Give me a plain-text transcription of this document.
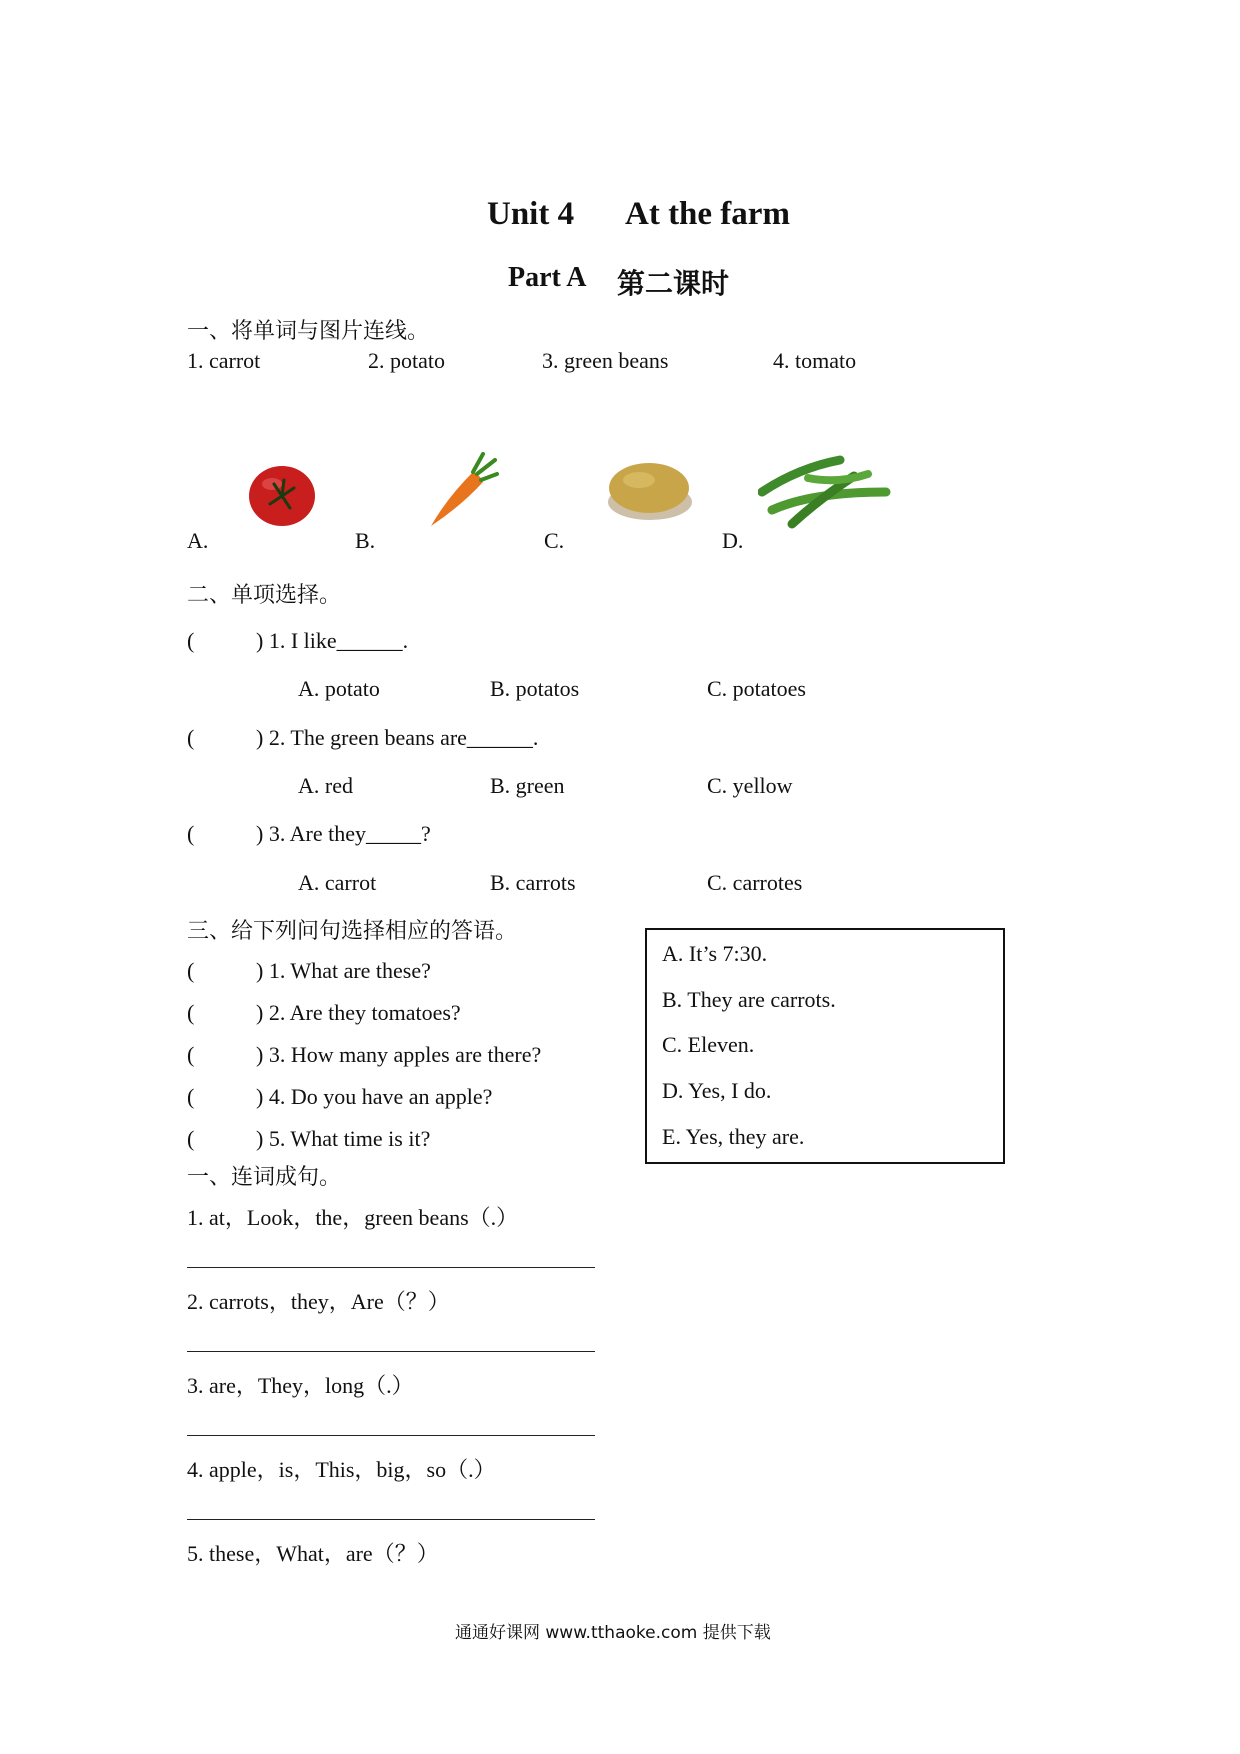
Unit 4 At the farm
Part A 第二课时
一、将单词与图片连线。
1. carrot	2. potato	3. green beans	4. tomato
A.	B.	C.	D.
二、单项选择。
(	) 1. I like______.
A. potato	B. potatos	C. potatoes
(	) 2. The green beans are______.
A. red	B. green	C. yellow
(	) 3. Are they_____?
A. carrot	B. carrots	C. carrotes
三、给下列问句选择相应的答语。
(	) 1. What are these?
(	) 2. Are they tomatoes?
(	) 3. How many apples are there?
(	) 4. Do you have an apple?
(	) 5. What time is it?
A. It’s 7:30.
B. They are carrots.
C. Eleven.
D. Yes, I do.
E. Yes, they are.
一、连词成句。
1. at，Look，the，green beans（.）
2. carrots，they，Are（？）
3. are，They，long（.）
4. apple，is，This，big，so（.）
5. these，What，are（？）
通通好课网 www.tthaoke.com 提供下载
